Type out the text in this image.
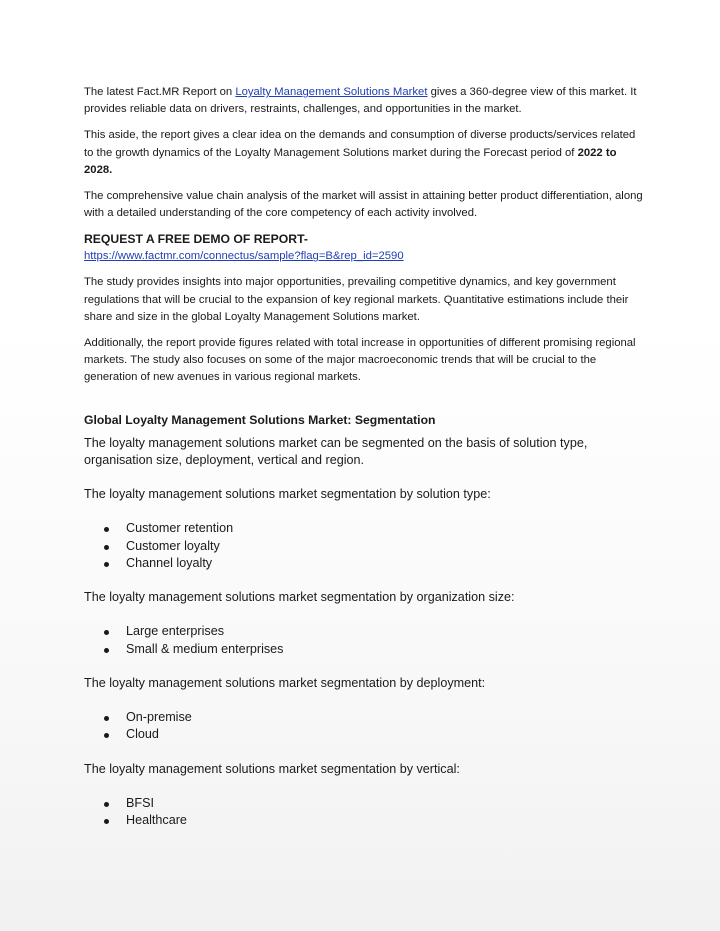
The latest Fact.MR Report on Loyalty Management Solutions Market gives a 360-degree view of this market. It provides reliable data on drivers, restraints, challenges, and opportunities in the market.

This aside, the report gives a clear idea on the demands and consumption of diverse products/services related to the growth dynamics of the Loyalty Management Solutions market during the Forecast period of 2022 to 2028.

The comprehensive value chain analysis of the market will assist in attaining better product differentiation, along with a detailed understanding of the core competency of each activity involved.

REQUEST A FREE DEMO OF REPORT-
https://www.factmr.com/connectus/sample?flag=B&rep_id=2590

The study provides insights into major opportunities, prevailing competitive dynamics, and key government regulations that will be crucial to the expansion of key regional markets. Quantitative estimations include their share and size in the global Loyalty Management Solutions market.

Additionally, the report provide figures related with total increase in opportunities of different promising regional markets. The study also focuses on some of the major macroeconomic trends that will be crucial to the generation of new avenues in various regional markets.

Global Loyalty Management Solutions Market: Segmentation

The loyalty management solutions market can be segmented on the basis of solution type, organisation size, deployment, vertical and region.

The loyalty management solutions market segmentation by solution type:

Customer retention
Customer loyalty
Channel loyalty

The loyalty management solutions market segmentation by organization size:

Large enterprises
Small & medium enterprises

The loyalty management solutions market segmentation by deployment:

On-premise
Cloud

The loyalty management solutions market segmentation by vertical:

BFSI
Healthcare
